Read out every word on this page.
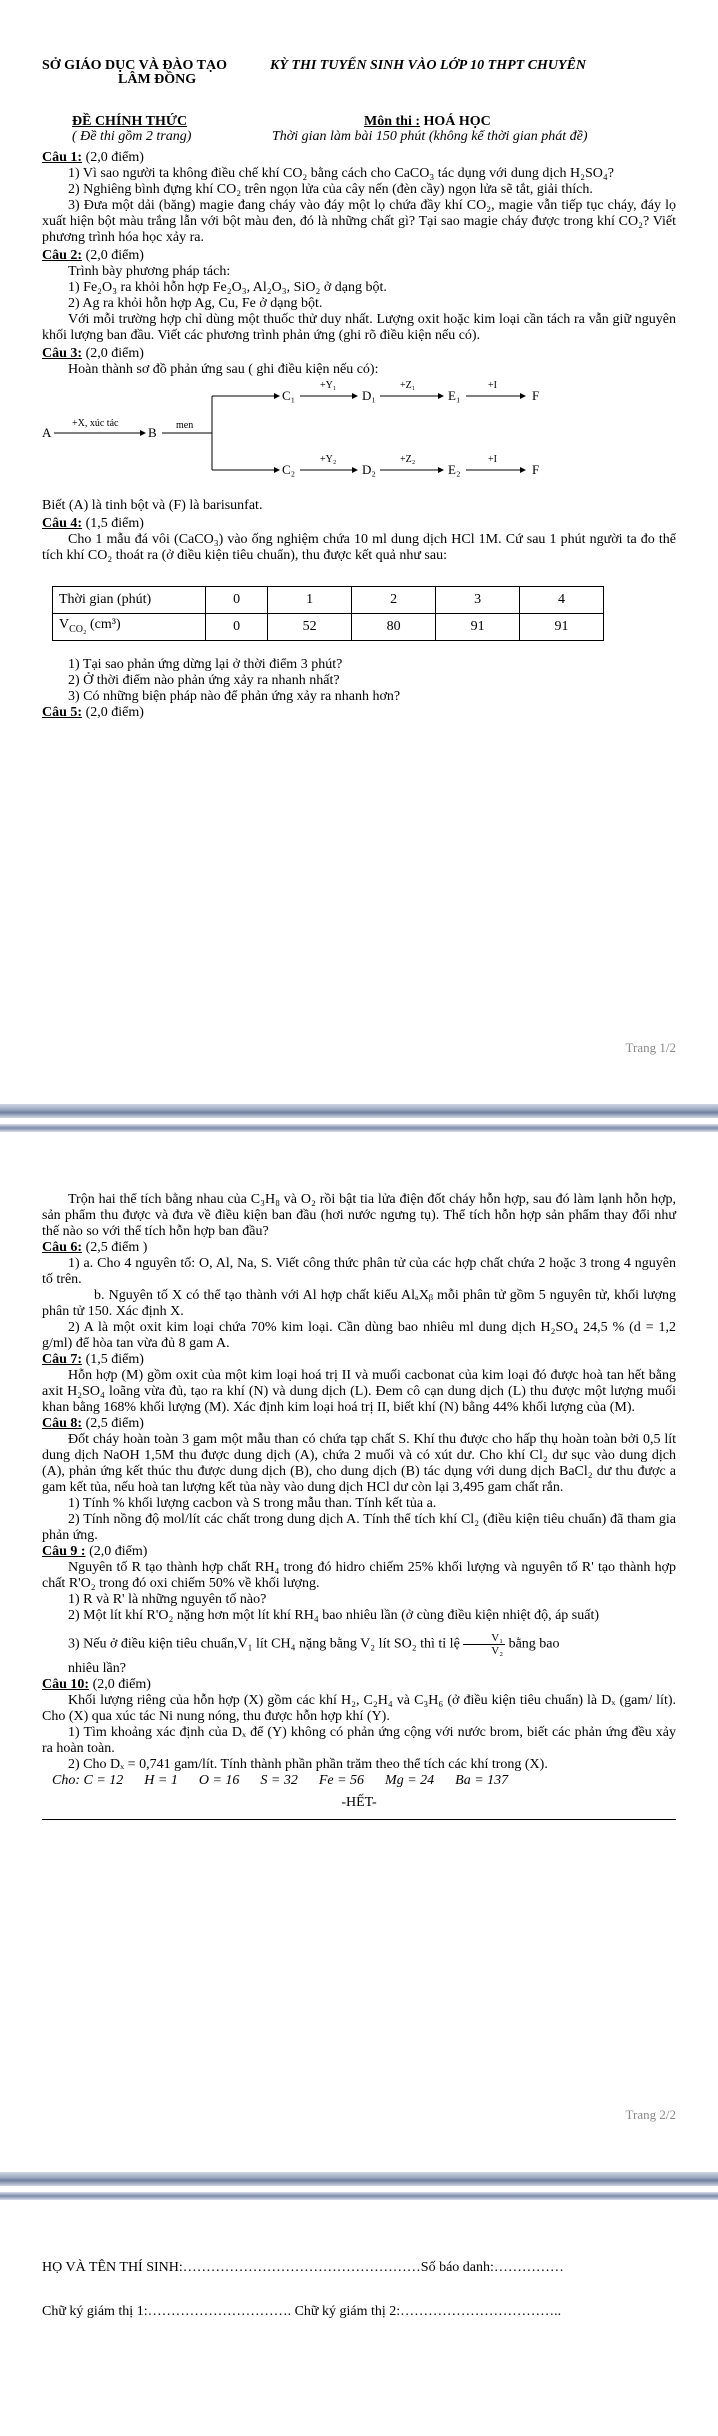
SỞ GIÁO DỤC VÀ ĐÀO TẠO	KỲ THI TUYỂN SINH VÀO LỚP 10 THPT CHUYÊN
LÂM ĐỒNG
ĐỀ CHÍNH THỨC
( Đề thi gồm 2 trang)
Môn thi : HOÁ HỌC
Thời gian làm bài 150 phút (không kể thời gian phát đề)

Câu 1: (2,0 điểm)

1) Vì sao người ta không điều chế khí CO₂ bằng cách cho CaCO₃ tác dụng với dung dịch H₂SO₄?

2) Nghiêng bình đựng khí CO₂ trên ngọn lửa của cây nến (đèn cầy) ngọn lửa sẽ tắt, giải thích.

3) Đưa một dải (băng) magie đang cháy vào đáy một lọ chứa đầy khí CO₂, magie vẫn tiếp tục cháy, đáy lọ xuất hiện bột màu trắng lẫn với bột màu đen, đó là những chất gì? Tại sao magie cháy được trong khí CO₂? Viết phương trình hóa học xảy ra.

Câu 2: (2,0 điểm)

Trình bày phương pháp tách:

1) Fe₂O₃ ra khỏi hỗn hợp Fe₂O₃, Al₂O₃, SiO₂ ở dạng bột.

2) Ag ra khỏi hỗn hợp Ag, Cu, Fe ở dạng bột.

Với mỗi trường hợp chỉ dùng một thuốc thử duy nhất. Lượng oxit hoặc kim loại cần tách ra vẫn giữ nguyên khối lượng ban đầu. Viết các phương trình phản ứng (ghi rõ điều kiện nếu có).

Câu 3: (2,0 điểm)

Hoàn thành sơ đồ phản ứng sau ( ghi điều kiện nếu có):

A
+X, xúc tác
B men
C₁
+Y₁
D₁
+Z₁
E₁
+I
F
C₂
+Y₂
D₂
+Z₂
E₂
+I
F

Biết (A) là tinh bột và (F) là barisunfat.

Câu 4: (1,5 điểm)

Cho 1 mẫu đá vôi (CaCO₃) vào ống nghiệm chứa 10 ml dung dịch HCl 1M. Cứ sau 1 phút người ta đo thể tích khí CO₂ thoát ra (ở điều kiện tiêu chuẩn), thu được kết quả như sau:

Thời gian (phút)	0	1	2	3	4
$V_{CO_2}$ (cm³)	0	52	80	91	91

1) Tại sao phản ứng dừng lại ở thời điểm 3 phút?

2) Ở thời điểm nào phản ứng xảy ra nhanh nhất?

3) Có những biện pháp nào để phản ứng xảy ra nhanh hơn?

Câu 5: (2,0 điểm)

Trang 1/2

Trộn hai thể tích bằng nhau của C₃H₈ và O₂ rồi bật tia lửa điện đốt cháy hỗn hợp, sau đó làm lạnh hỗn hợp, sản phẩm thu được và đưa về điều kiện ban đầu (hơi nước ngưng tụ). Thể tích hỗn hợp sản phẩm thay đổi như thế nào so với thể tích hỗn hợp ban đầu?

Câu 6: (2,5 điểm )

1) a. Cho 4 nguyên tố: O, Al, Na, S. Viết công thức phân tử của các hợp chất chứa 2 hoặc 3 trong 4 nguyên tố trên.

b. Nguyên tố X có thể tạo thành với Al hợp chất kiểu AlₐXᵦ mỗi phân tử gồm 5 nguyên tử, khối lượng phân tử 150. Xác định X.

2) A là một oxit kim loại chứa 70% kim loại. Cần dùng bao nhiêu ml dung dịch H₂SO₄ 24,5 % (d = 1,2 g/ml) để hòa tan vừa đủ 8 gam A.

Câu 7: (1,5 điểm)

Hỗn hợp (M) gồm oxit của một kim loại hoá trị II và muối cacbonat của kim loại đó được hoà tan hết bằng axit H₂SO₄ loãng vừa đủ, tạo ra khí (N) và dung dịch (L). Đem cô cạn dung dịch (L) thu được một lượng muối khan bằng 168% khối lượng (M). Xác định kim loại hoá trị II, biết khí (N) bằng 44% khối lượng của (M).

Câu 8: (2,5 điểm)

Đốt cháy hoàn toàn 3 gam một mẫu than có chứa tạp chất S. Khí thu được cho hấp thụ hoàn toàn bởi 0,5 lít dung dịch NaOH 1,5M thu được dung dịch (A), chứa 2 muối và có xút dư. Cho khí Cl₂ dư sục vào dung dịch (A), phản ứng kết thúc thu được dung dịch (B), cho dung dịch (B) tác dụng với dung dịch BaCl₂ dư thu được a gam kết tủa, nếu hoà tan lượng kết tủa này vào dung dịch HCl dư còn lại 3,495 gam chất rắn.

1) Tính % khối lượng cacbon và S trong mẫu than. Tính kết tủa a.

2) Tính nồng độ mol/lít các chất trong dung dịch A. Tính thể tích khí Cl₂ (điều kiện tiêu chuẩn) đã tham gia phản ứng.

Câu 9 : (2,0 điểm)

Nguyên tố R tạo thành hợp chất RH₄ trong đó hidro chiếm 25% khối lượng và nguyên tố R' tạo thành hợp chất R'O₂ trong đó oxi chiếm 50% về khối lượng.

1) R và R' là những nguyên tố nào?

2) Một lít khí R'O₂ nặng hơn một lít khí RH₄ bao nhiêu lần (ở cùng điều kiện nhiệt độ, áp suất)

3) Nếu ở điều kiện tiêu chuẩn,V₁ lít CH₄ nặng bằng V₂ lít SO₂ thì tỉ lệ $\frac{\text{V₁}}{\text{V₂}}$ bằng bao

nhiêu lần?

Câu 10: (2,0 điểm)

Khối lượng riêng của hỗn hợp (X) gồm các khí H₂, C₂H₄ và C₃H₆ (ở điều kiện tiêu chuẩn) là Dₓ (gam/ lít). Cho (X) qua xúc tác Ni nung nóng, thu được hỗn hợp khí (Y).

1) Tìm khoảng xác định của Dₓ để (Y) không có phản ứng cộng với nước brom, biết các phản ứng đều xảy ra hoàn toàn.

2) Cho Dₓ = 0,741 gam/lít. Tính thành phần phần trăm theo thể tích các khí trong (X).

Cho: C = 12      H = 1      O = 16      S = 32      Fe = 56      Mg = 24      Ba = 137

-HẾT-

Trang 2/2

HỌ VÀ TÊN THÍ SINH:……………………………………………Số báo danh:……………

Chữ ký giám thị 1:…………………………. Chữ ký giám thị 2:……………………………..
